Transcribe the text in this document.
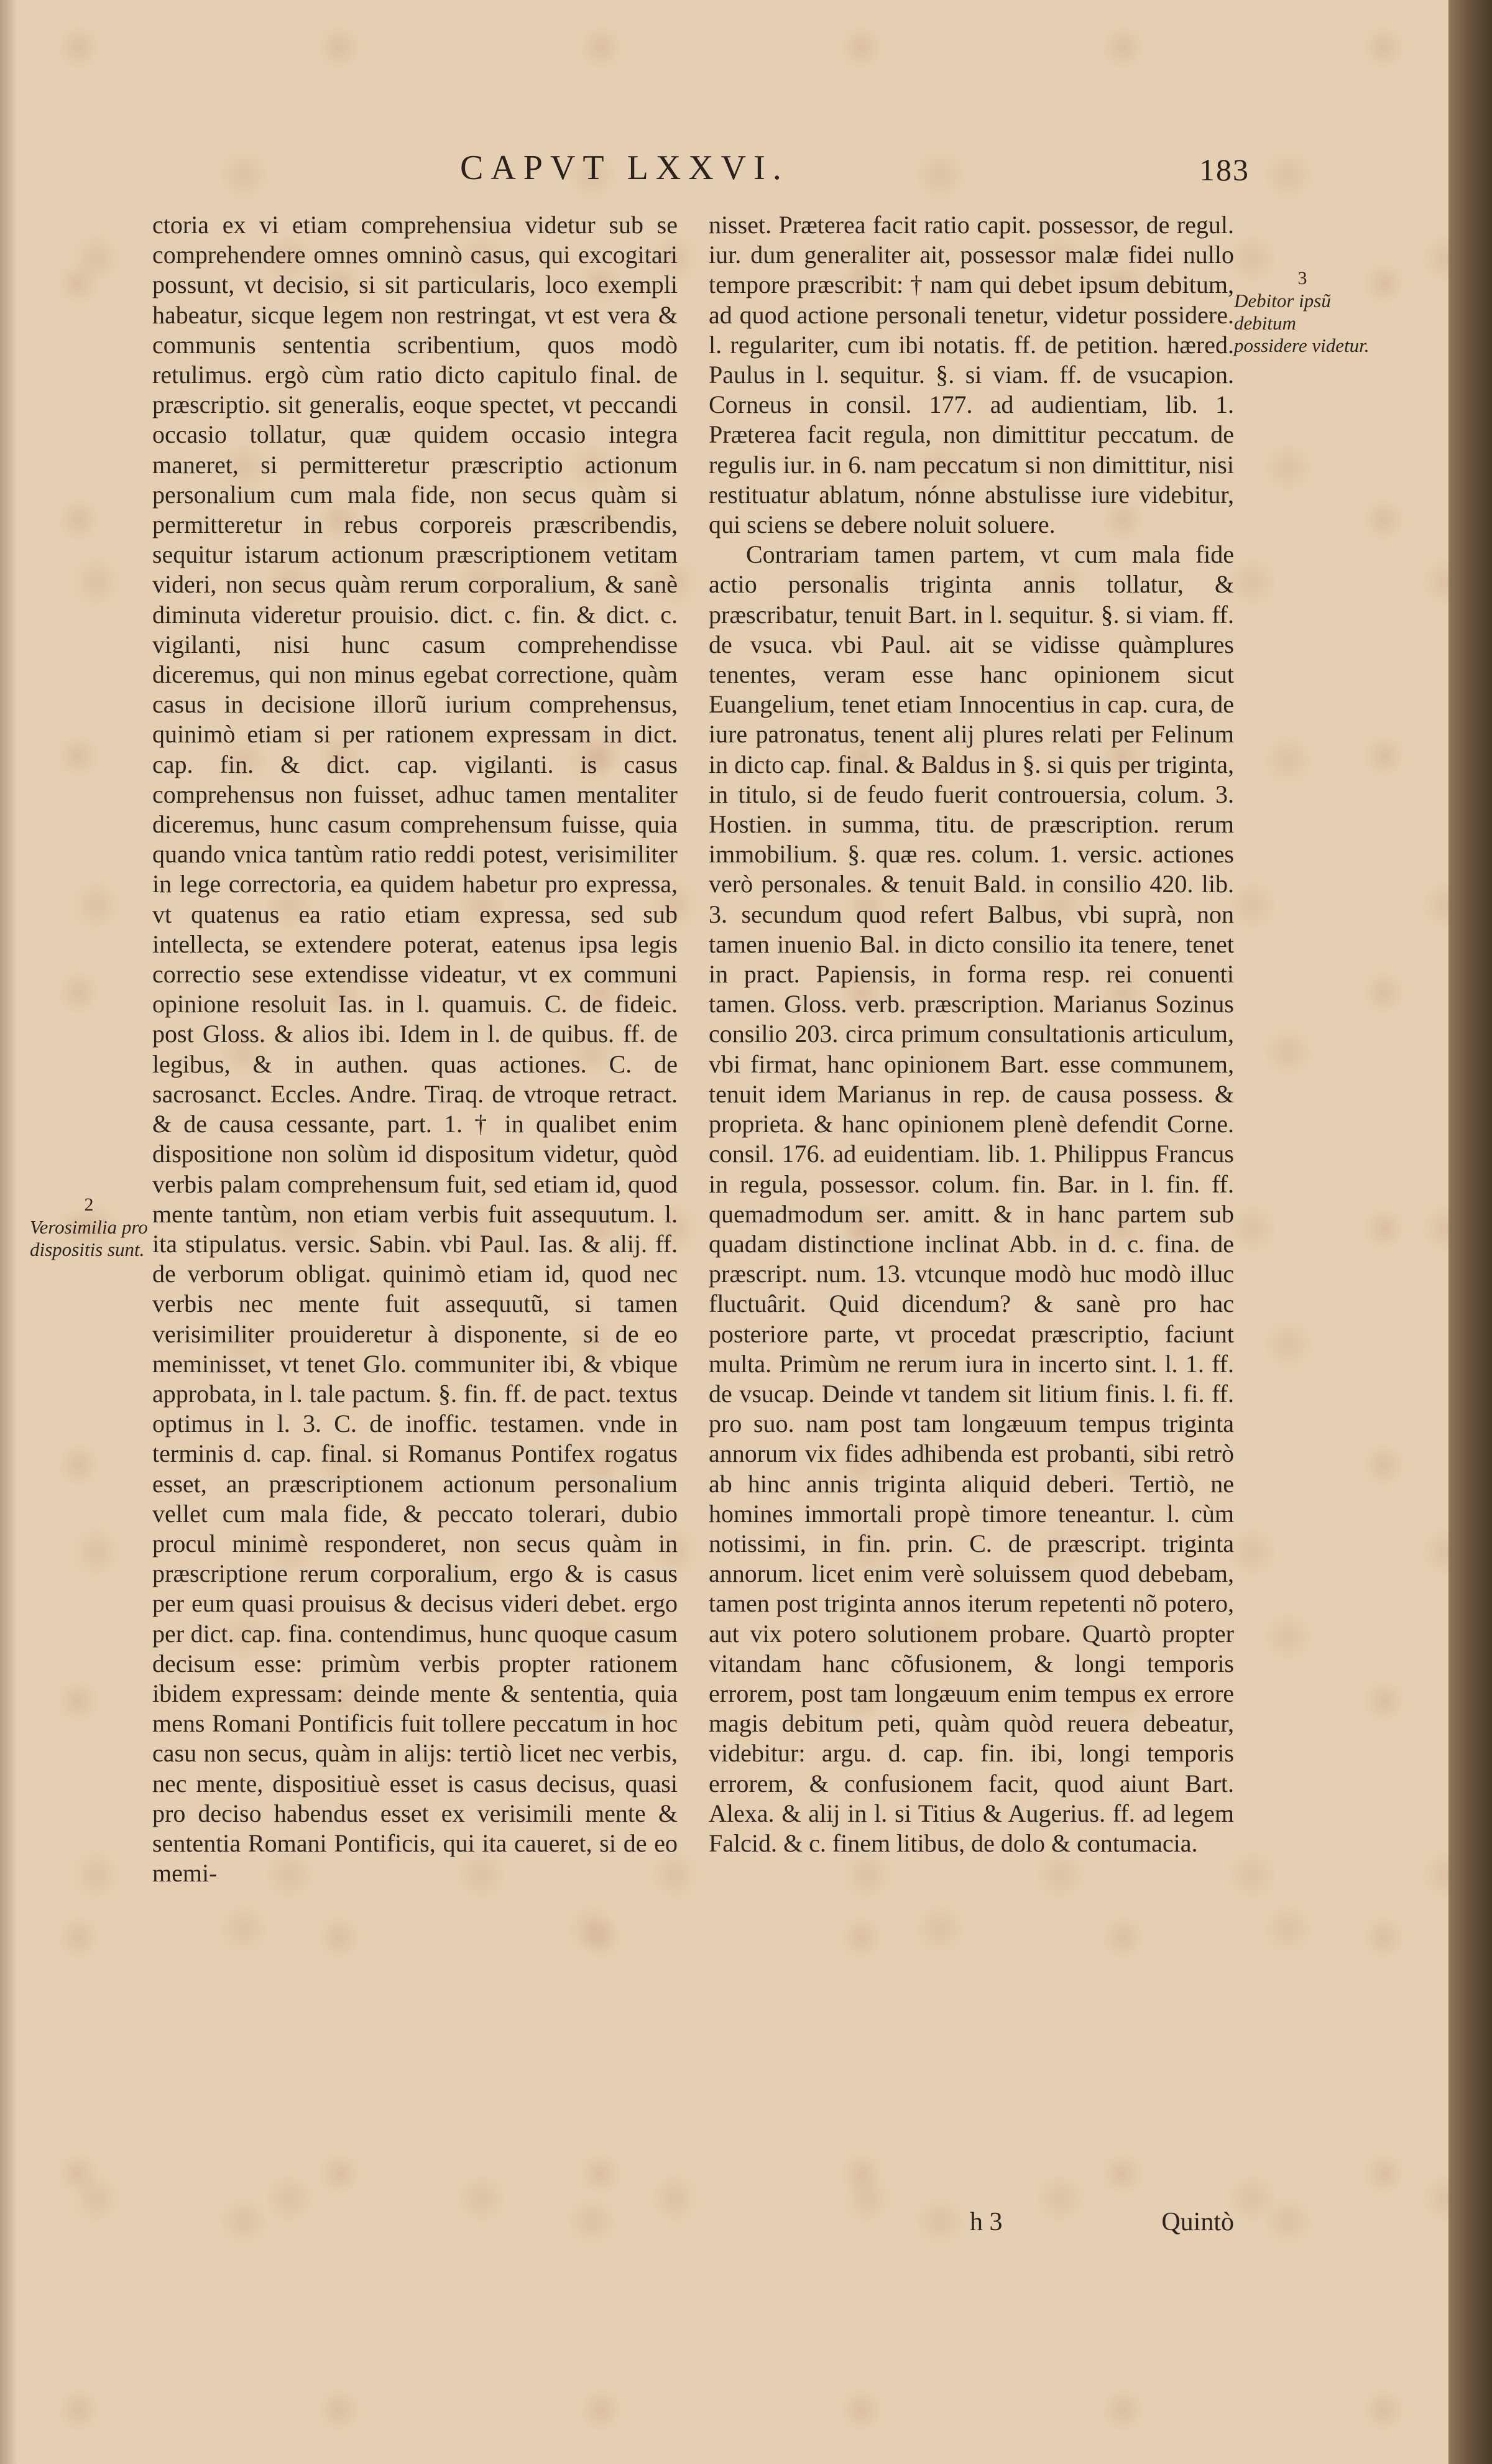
CAPVT LXXVI.	183
3
Debitor ipsũ debitum possidere videtur.
2
Verosimilia pro dispositis sunt.

ctoria ex vi etiam comprehensiua videtur sub se comprehendere omnes omninò casus, qui excogitari possunt, vt decisio, si sit particularis, loco exempli habeatur, sicque legem non restringat, vt est vera & communis sententia scribentium, quos modò retulimus. ergò cùm ratio dicto capitulo final. de præscriptio. sit generalis, eoque spectet, vt peccandi occasio tollatur, quæ quidem occasio integra maneret, si permitteretur præscriptio actionum personalium cum mala fide, non secus quàm si permitteretur in rebus corporeis præscribendis, sequitur istarum actionum præscriptionem vetitam videri, non secus quàm rerum corporalium, & sanè diminuta videretur prouisio. dict. c. fin. & dict. c. vigilanti, nisi hunc casum comprehendisse diceremus, qui non minus egebat correctione, quàm casus in decisione illorũ iurium comprehensus, quinimò etiam si per rationem expressam in dict. cap. fin. & dict. cap. vigilanti. is casus comprehensus non fuisset, adhuc tamen mentaliter diceremus, hunc casum comprehensum fuisse, quia quando vnica tantùm ratio reddi potest, verisimiliter in lege correctoria, ea quidem habetur pro expressa, vt quatenus ea ratio etiam expressa, sed sub intellecta, se extendere poterat, eatenus ipsa legis correctio sese extendisse videatur, vt ex communi opinione resoluit Ias. in l. quamuis. C. de fideic. post Gloss. & alios ibi. Idem in l. de quibus. ff. de legibus, & in authen. quas actiones. C. de sacrosanct. Eccles. Andre. Tiraq. de vtroque retract. & de causa cessante, part. 1. † in qualibet enim dispositione non solùm id dispositum videtur, quòd verbis palam comprehensum fuit, sed etiam id, quod mente tantùm, non etiam verbis fuit assequutum. l. ita stipulatus. versic. Sabin. vbi Paul. Ias. & alij. ff. de verborum obligat. quinimò etiam id, quod nec verbis nec mente fuit assequutũ, si tamen verisimiliter prouideretur à disponente, si de eo meminisset, vt tenet Glo. communiter ibi, & vbique approbata, in l. tale pactum. §. fin. ff. de pact. textus optimus in l. 3. C. de inoffic. testamen. vnde in terminis d. cap. final. si Romanus Pontifex rogatus esset, an præscriptionem actionum personalium vellet cum mala fide, & peccato tolerari, dubio procul minimè responderet, non secus quàm in præscriptione rerum corporalium, ergo & is casus per eum quasi prouisus & decisus videri debet. ergo per dict. cap. fina. contendimus, hunc quoque casum decisum esse: primùm verbis propter rationem ibidem expressam: deinde mente & sententia, quia mens Romani Pontificis fuit tollere peccatum in hoc casu non secus, quàm in alijs: tertiò licet nec verbis, nec mente, dispositiuè esset is casus decisus, quasi pro deciso habendus esset ex verisimili mente & sententia Romani Pontificis, qui ita caueret, si de eo memi-

nisset. Præterea facit ratio capit. possessor, de regul. iur. dum generaliter ait, possessor malæ fidei nullo tempore præscribit: † nam qui debet ipsum debitum, ad quod actione personali tenetur, videtur possidere. l. regulariter, cum ibi notatis. ff. de petition. hæred. Paulus in l. sequitur. §. si viam. ff. de vsucapion. Corneus in consil. 177. ad audientiam, lib. 1. Præterea facit regula, non dimittitur peccatum. de regulis iur. in 6. nam peccatum si non dimittitur, nisi restituatur ablatum, nónne abstulisse iure videbitur, qui sciens se debere noluit soluere.

Contrariam tamen partem, vt cum mala fide actio personalis triginta annis tollatur, & præscribatur, tenuit Bart. in l. sequitur. §. si viam. ff. de vsuca. vbi Paul. ait se vidisse quàmplures tenentes, veram esse hanc opinionem sicut Euangelium, tenet etiam Innocentius in cap. cura, de iure patronatus, tenent alij plures relati per Felinum in dicto cap. final. & Baldus in §. si quis per triginta, in titulo, si de feudo fuerit controuersia, colum. 3. Hostien. in summa, titu. de præscription. rerum immobilium. §. quæ res. colum. 1. versic. actiones verò personales. & tenuit Bald. in consilio 420. lib. 3. secundum quod refert Balbus, vbi suprà, non tamen inuenio Bal. in dicto consilio ita tenere, tenet in pract. Papiensis, in forma resp. rei conuenti tamen. Gloss. verb. præscription. Marianus Sozinus consilio 203. circa primum consultationis articulum, vbi firmat, hanc opinionem Bart. esse communem, tenuit idem Marianus in rep. de causa possess. & proprieta. & hanc opinionem plenè defendit Corne. consil. 176. ad euidentiam. lib. 1. Philippus Francus in regula, possessor. colum. fin. Bar. in l. fin. ff. quemadmodum ser. amitt. & in hanc partem sub quadam distinctione inclinat Abb. in d. c. fina. de præscript. num. 13. vtcunque modò huc modò illuc fluctuârit. Quid dicendum? & sanè pro hac posteriore parte, vt procedat præscriptio, faciunt multa. Primùm ne rerum iura in incerto sint. l. 1. ff. de vsucap. Deinde vt tandem sit litium finis. l. fi. ff. pro suo. nam post tam longæuum tempus triginta annorum vix fides adhibenda est probanti, sibi retrò ab hinc annis triginta aliquid deberi. Tertiò, ne homines immortali propè timore teneantur. l. cùm notissimi, in fin. prin. C. de præscript. triginta annorum. licet enim verè soluissem quod debebam, tamen post triginta annos iterum repetenti nõ potero, aut vix potero solutionem probare. Quartò propter vitandam hanc cõfusionem, & longi temporis errorem, post tam longæuum enim tempus ex errore magis debitum peti, quàm quòd reuera debeatur, videbitur: argu. d. cap. fin. ibi, longi temporis errorem, & confusionem facit, quod aiunt Bart. Alexa. & alij in l. si Titius & Augerius. ff. ad legem Falcid. & c. finem litibus, de dolo & contumacia.

h 3	Quintò
